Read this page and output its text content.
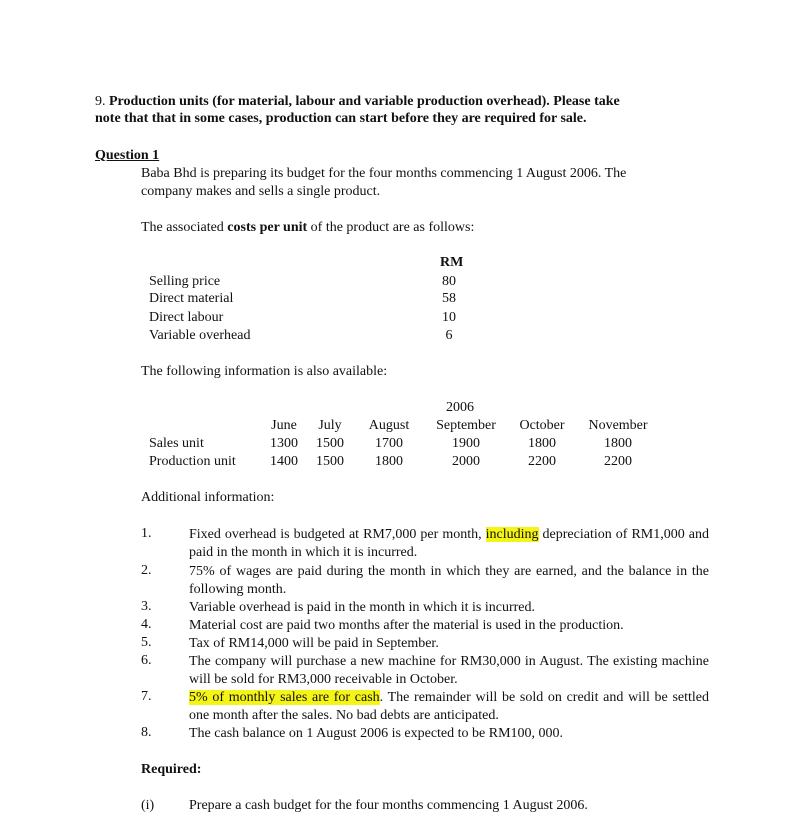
9. Production units (for material, labour and variable production overhead). Please take
note that that in some cases, production can start before they are required for sale.
Question 1
Baba Bhd is preparing its budget for the four months commencing 1 August 2006. The
company makes and sells a single product.
The associated costs per unit of the product are as follows:
RM
Selling price	80
Direct material	58
Direct labour	10
Variable overhead	6
The following information is also available:
2006
June	July	August	September	October	November
Sales unit	1300	1500	1700	1900	1800	1800
Production unit	1400	1500	1800	2000	2200	2200
Additional information:
1.	Fixed overhead is budgeted at RM7,000 per month, including depreciation of RM1,000 and paid in the month in which it is incurred.
2.	75% of wages are paid during the month in which they are earned, and the balance in the following month.
3.	Variable overhead is paid in the month in which it is incurred.
4.	Material cost are paid two months after the material is used in the production.
5.	Tax of RM14,000 will be paid in September.
6.	The company will purchase a new machine for RM30,000 in August. The existing machine will be sold for RM3,000 receivable in October.
7.	5% of monthly sales are for cash. The remainder will be sold on credit and will be settled one month after the sales. No bad debts are anticipated.
8.	The cash balance on 1 August 2006 is expected to be RM100, 000.
Required:
(i) Prepare a cash budget for the four months commencing 1 August 2006.
